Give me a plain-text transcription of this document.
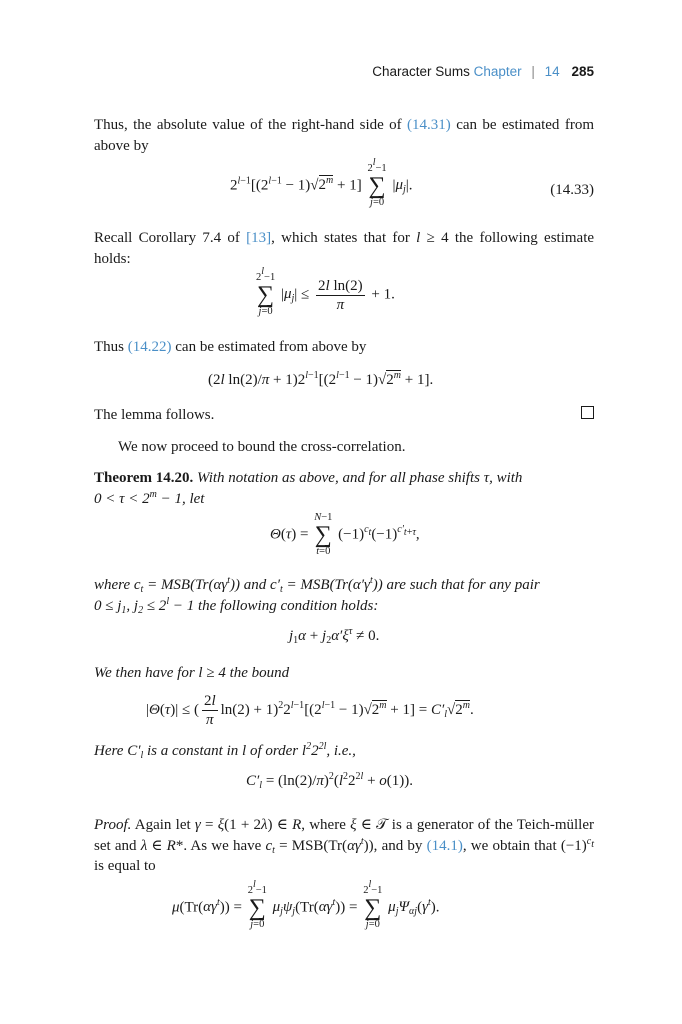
Character Sums Chapter | 14 285
Thus, the absolute value of the right-hand side of (14.31) can be estimated from above by
$2^{l-1}[(2^{l-1} - 1)√2^m + 1]$
$2^l-1$
∑
j=0
$|\mu_j|$.	(14.33)
Recall Corollary 7.4 of [13], which states that for l ≥ 4 the following estimate holds:
$2^l-1$
∑
j=0
$|\mu_j| \le \frac{\text{2l ln(2)}}{\pi} + 1$.
Thus (14.22) can be estimated from above by
(2l $\ln(2)/\pi + 1)2^{l-1}[(2^{l-1} - 1)√2^m + 1]$.
The lemma follows.
We now proceed to bound the cross-correlation.
Theorem 14.20. With notation as above, and for all phase shifts τ, with
$0 < \tau < 2^m - 1$, let
Θ(τ) =
N−1
∑
t=0
$(-1)^{c_t}(-1)^{c'_{t+\tau}}$,
where $c_t = MSB(Tr(\alpha\gamma^t))$ and $c'_t = MSB(Tr(\alpha'\gamma^t))$ are such that for any pair
$0 \le j_1$, $j_2 \le 2^l - 1$ the following condition holds:
$j_1\alpha + j_2\alpha'\xi^\tau \ne 0$.
We then have for l ≥ 4 the bound
|Θ(τ)| ≤ ( $\frac{2l}{\pi} \ln(2) + 1)^22^{l-1}[(2^{l-1} - 1)√2^m + 1] = C'_l√2^m$.
Here $C'_l$ is a constant in l of order $l^22^{2l}$, i.e.,
$C'_l = (\ln(2)/\pi)^2(l^22^{2l} + o(1))$.
Proof. Again let γ = ξ(1 + 2λ) ∈ R, where ξ ∈ 𝒯 is a generator of the Teich-müller set and λ ∈ R*. As we have $c_t = MSB(Tr(\alpha\gamma^t))$, and by (14.1), we obtain that $(-1)^{c_t}$ is equal to
$\mu(Tr(\alpha\gamma^t))$ =
$2^l-1$
∑
j=0
$\mu_j\psi_j(Tr(\alpha\gamma^t))$ =
$2^l-1$
∑
j=0
$\mu_j\Psi_{\alpha j}(\gamma^t)$.
